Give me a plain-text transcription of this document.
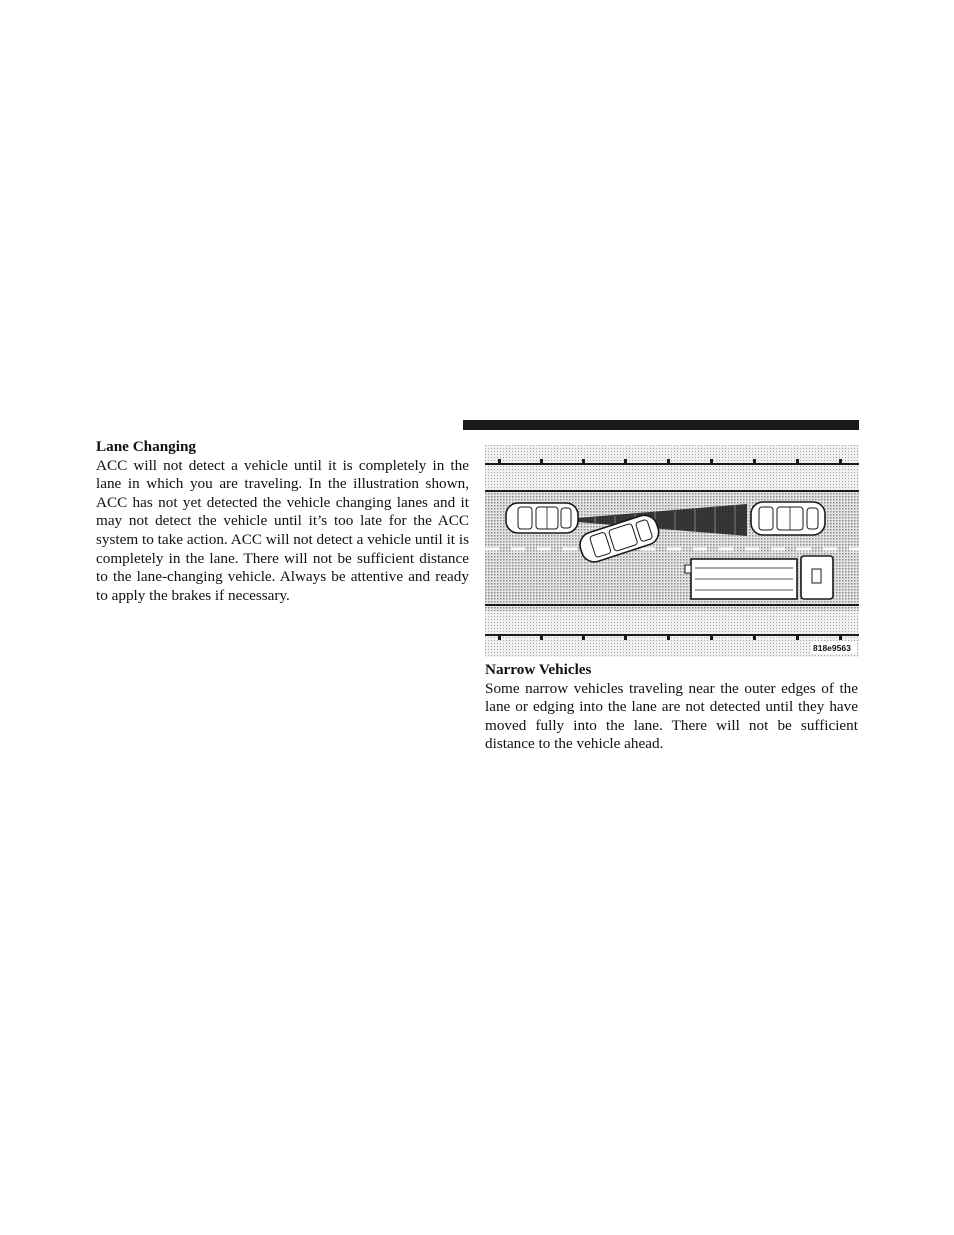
Lane Changing

ACC will not detect a vehicle until it is completely in the lane in which you are traveling. In the illustration shown, ACC has not yet detected the vehicle changing lanes and it may not detect the vehicle until it’s too late for the ACC system to take action. ACC will not detect a vehicle until it is completely in the lane. There will not be sufficient distance to the lane-changing vehicle. Always be attentive and ready to apply the brakes if necessary.

818e9563

Narrow Vehicles

Some narrow vehicles traveling near the outer edges of the lane or edging into the lane are not detected until they have moved fully into the lane. There will not be sufficient distance to the vehicle ahead.
